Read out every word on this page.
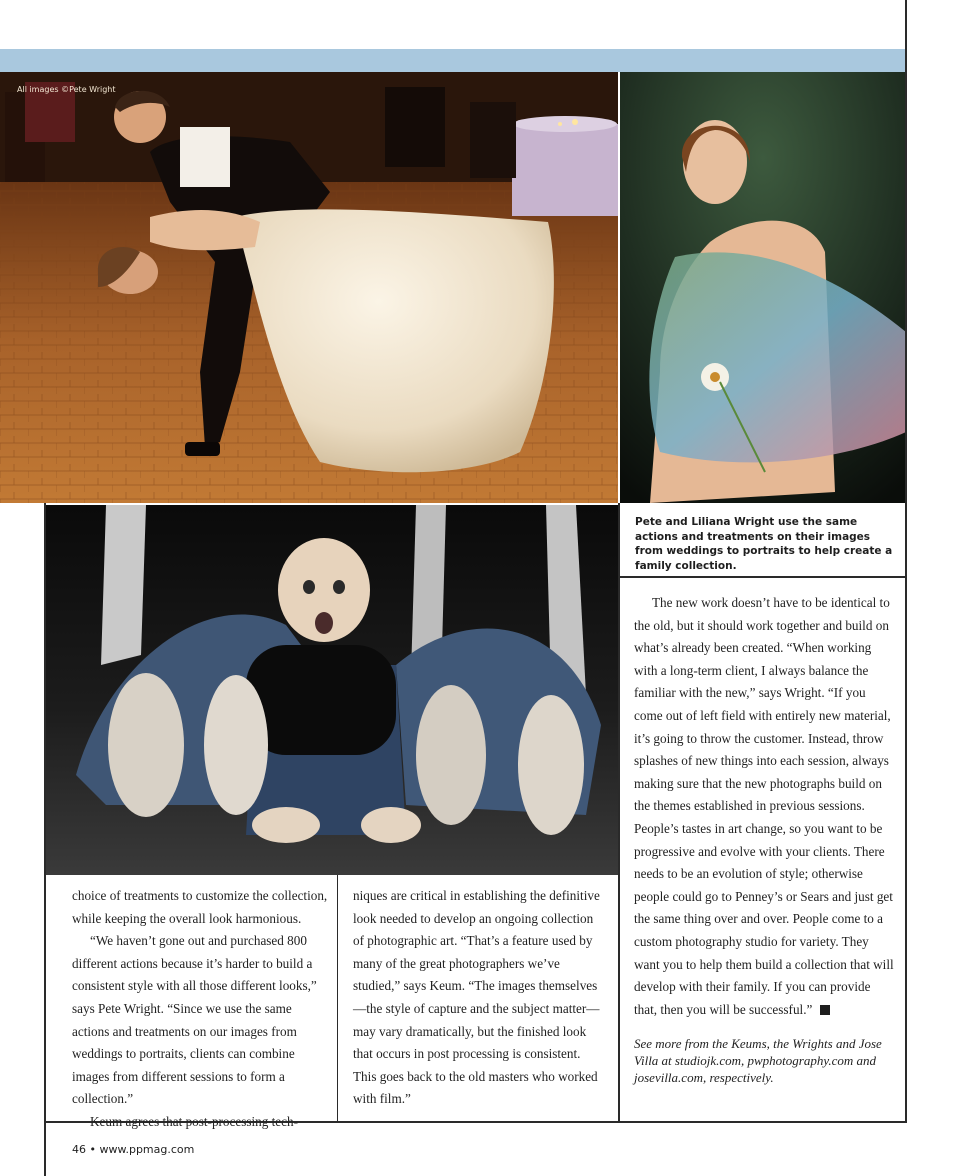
All images ©Pete Wright
Pete and Liliana Wright use the same actions and treatments on their images from weddings to portraits to help create a family collection.

choice of treatments to customize the collection, while keeping the overall look harmonious.

“We haven’t gone out and purchased 800 different actions because it’s harder to build a consistent style with all those different looks,” says Pete Wright. “Since we use the same actions and treatments on our images from weddings to portraits, clients can combine images from different sessions to form a collection.”

Keum agrees that post-processing tech-

niques are critical in establishing the definitive look needed to develop an ongoing collection of photographic art. “That’s a feature used by many of the great photographers we’ve studied,” says Keum. “The images themselves—the style of capture and the subject matter—may vary dramatically, but the finished look that occurs in post processing is consistent. This goes back to the old masters who worked with film.”

The new work doesn’t have to be identical to the old, but it should work together and build on what’s already been created. “When working with a long-term client, I always balance the familiar with the new,” says Wright. “If you come out of left field with entirely new material, it’s going to throw the customer. Instead, throw splashes of new things into each session, always making sure that the new photographs build on the themes established in previous sessions. People’s tastes in art change, so you want to be progressive and evolve with your clients. There needs to be an evolution of style; otherwise people could go to Penney’s or Sears and just get the same thing over and over. People come to a custom photography studio for variety. They want you to help them build a collection that will develop with their family. If you can provide that, then you will be successful.”

See more from the Keums, the Wrights and Jose Villa at studiojk.com, pwphotography.com and josevilla.com, respectively.

46 • www.ppmag.com
